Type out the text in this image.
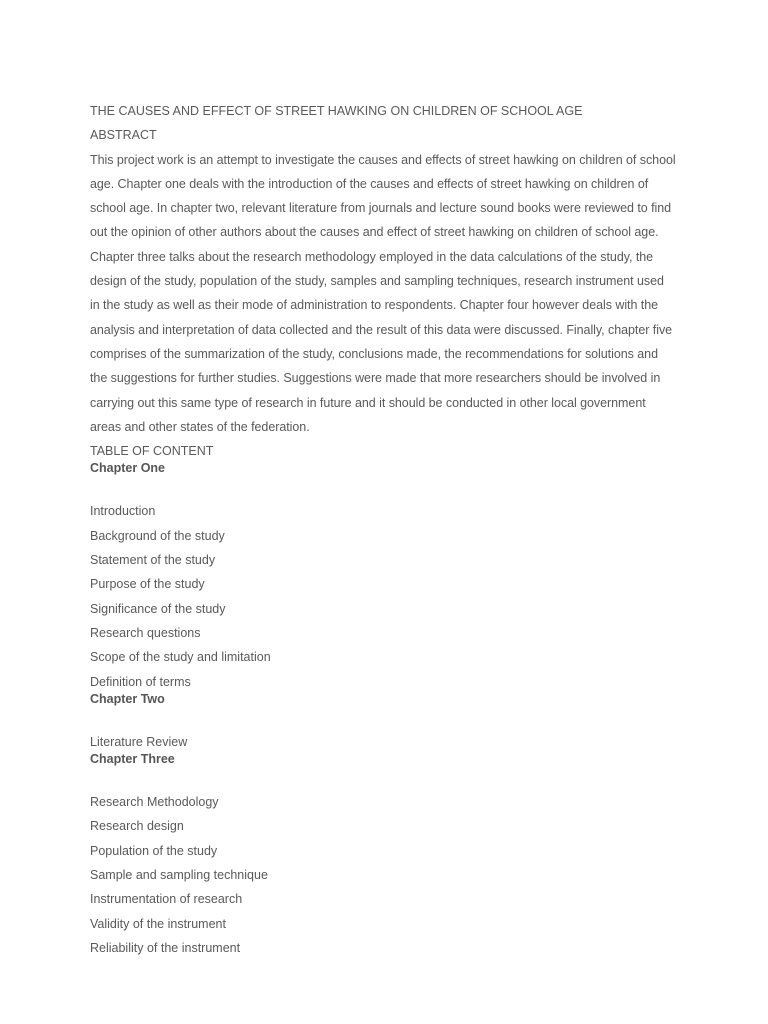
THE CAUSES AND EFFECT OF STREET HAWKING ON CHILDREN OF SCHOOL AGE
ABSTRACT
This project work is an attempt to investigate the causes and effects of street hawking on children of school
age. Chapter one deals with the introduction of the causes and effects of street hawking on children of
school age. In chapter two, relevant literature from journals and lecture sound books were reviewed to find
out the opinion of other authors about the causes and effect of street hawking on children of school age.
Chapter three talks about the research methodology employed in the data calculations of the study, the
design of the study, population of the study, samples and sampling techniques, research instrument used
in the study as well as their mode of administration to respondents. Chapter four however deals with the
analysis and interpretation of data collected and the result of this data were discussed. Finally, chapter five
comprises of the summarization of the study, conclusions made, the recommendations for solutions and
the suggestions for further studies. Suggestions were made that more researchers should be involved in
carrying out this same type of research in future and it should be conducted in other local government
areas and other states of the federation.
TABLE OF CONTENT
Chapter One
Introduction
Background of the study
Statement of the study
Purpose of the study
Significance of the study
Research questions
Scope of the study and limitation
Definition of terms
Chapter Two
Literature Review
Chapter Three
Research Methodology
Research design
Population of the study
Sample and sampling technique
Instrumentation of research
Validity of the instrument
Reliability of the instrument
